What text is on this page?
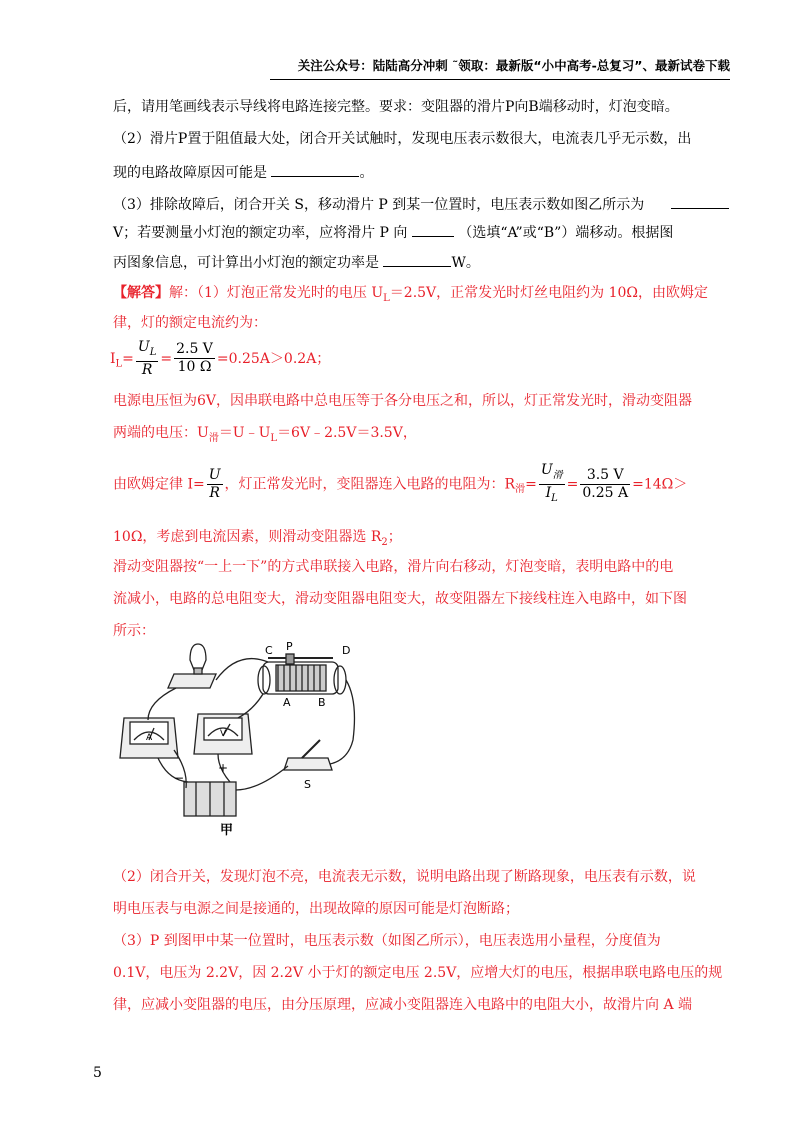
关注公众号：陆陆高分冲刺 ˜领取：最新版“小中高考-总复习”、最新试卷下载
后，请用笔画线表示导线将电路连接完整。要求：变阻器的滑片P向B端移动时，灯泡变暗。
（2）滑片P置于阻值最大处，闭合开关试触时，发现电压表示数很大，电流表几乎无示数，出
现的电路故障原因可能是	。
（3）排除故障后，闭合开关 S，移动滑片 P 到某一位置时，电压表示数如图乙所示为
V；若要测量小灯泡的额定功率，应将滑片 P 向	（选填“A”或“B”）端移动。根据图
丙图象信息，可计算出小灯泡的额定功率是	W。
【解答】解：（1）灯泡正常发光时的电压 $U_L=2.5V$，正常发光时灯丝电阻约为 10Ω，由欧姆定
律，灯的额定电流约为：
$I_L= \frac{U_L}{R} = \frac{2.5 V}{10 \Omega} =0.25A>0.2A$；
电源电压恒为6V，因串联电路中总电压等于各分电压之和，所以，灯正常发光时，滑动变阻器
两端的电压：$U_滑=U﹣U_L=6V﹣2.5V=3.5V$，
由欧姆定律 $I= \frac{U}{R}$ ，灯正常发光时，变阻器连入电路的电阻为：$R_滑= \frac{U_滑}{I_L} = \frac{3.5 V}{0.25 A} =14\Omega>$
10Ω，考虑到电流因素，则滑动变阻器选 $R_2$；
滑动变阻器按“一上一下”的方式串联接入电路，滑片向右移动，灯泡变暗，表明电路中的电
流减小，电路的总电阻变大，滑动变阻器电阻变大，故变阻器左下接线柱连入电路中，如下图
所示：
C P	D
A B
S
A	V
−
+
甲
（2）闭合开关，发现灯泡不亮，电流表无示数，说明电路出现了断路现象，电压表有示数，说
明电压表与电源之间是接通的，出现故障的原因可能是灯泡断路；
（3）P 到图甲中某一位置时，电压表示数（如图乙所示），电压表选用小量程，分度值为
0.1V，电压为 2.2V，因 2.2V 小于灯的额定电压 2.5V，应增大灯的电压，根据串联电路电压的规
律，应减小变阻器的电压，由分压原理，应减小变阻器连入电路中的电阻大小，故滑片向 A 端
5
